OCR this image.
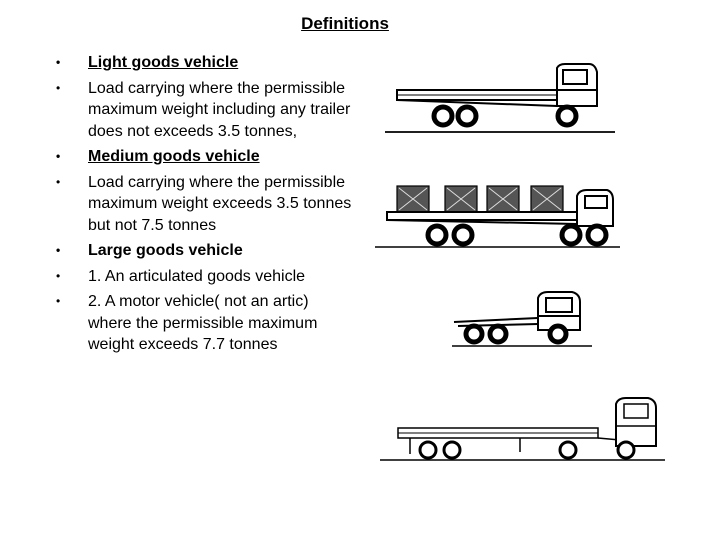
Definitions
• Light goods vehicle
• Load carrying where the permissible maximum weight including any trailer does not exceeds 3.5 tonnes,
• Medium goods vehicle
• Load carrying where the permissible maximum weight exceeds 3.5 tonnes but not 7.5 tonnes
• Large goods vehicle
• 1. An articulated goods vehicle
• 2. A motor vehicle( not an artic) where the permissible maximum weight exceeds 7.7 tonnes
